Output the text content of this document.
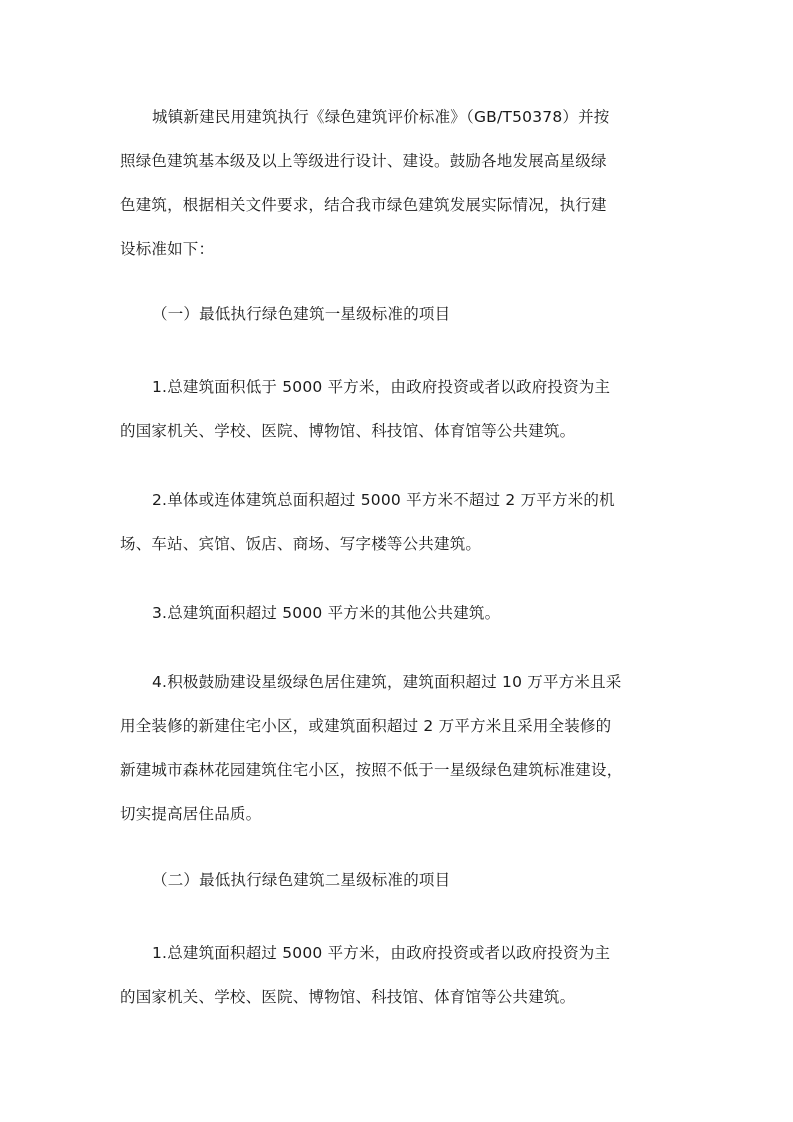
城镇新建民用建筑执行《绿色建筑评价标准》（GB/T50378）并按
照绿色建筑基本级及以上等级进行设计、建设。鼓励各地发展高星级绿
色建筑，根据相关文件要求，结合我市绿色建筑发展实际情况，执行建
设标准如下：
（一）最低执行绿色建筑一星级标准的项目
1.总建筑面积低于 5000 平方米，由政府投资或者以政府投资为主
的国家机关、学校、医院、博物馆、科技馆、体育馆等公共建筑。
2.单体或连体建筑总面积超过 5000 平方米不超过 2 万平方米的机
场、车站、宾馆、饭店、商场、写字楼等公共建筑。
3.总建筑面积超过 5000 平方米的其他公共建筑。
4.积极鼓励建设星级绿色居住建筑，建筑面积超过 10 万平方米且采
用全装修的新建住宅小区，或建筑面积超过 2 万平方米且采用全装修的
新建城市森林花园建筑住宅小区，按照不低于一星级绿色建筑标准建设，
切实提高居住品质。
（二）最低执行绿色建筑二星级标准的项目
1.总建筑面积超过 5000 平方米，由政府投资或者以政府投资为主
的国家机关、学校、医院、博物馆、科技馆、体育馆等公共建筑。
